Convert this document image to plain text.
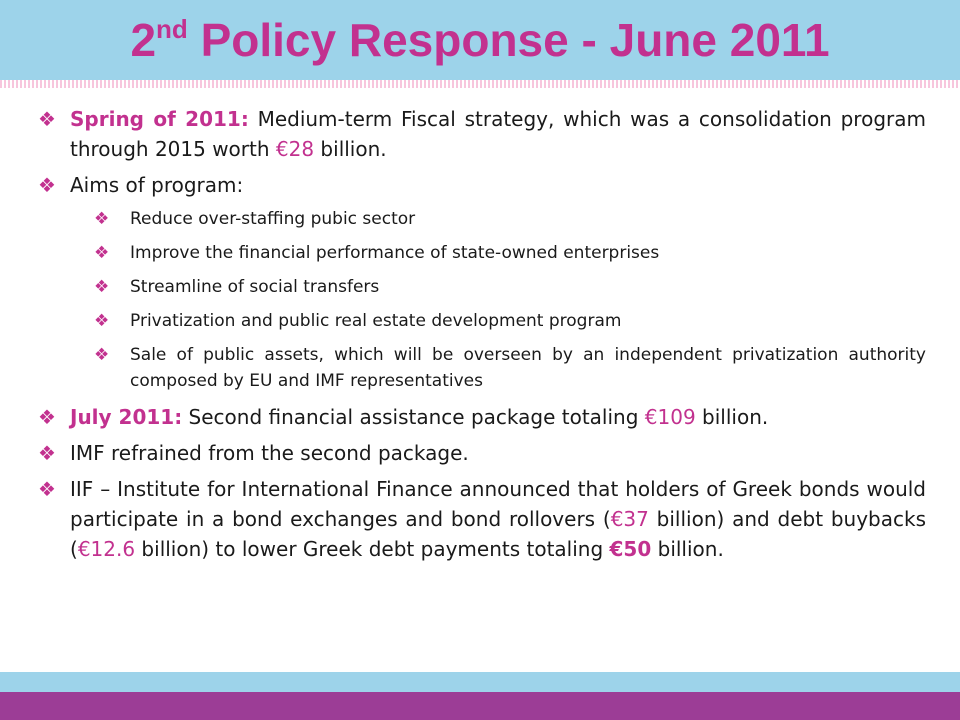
2nd Policy Response - June 2011
❖ Spring of 2011: Medium-term Fiscal strategy, which was a consolidation program through 2015 worth €28 billion.
❖ Aims of program:
❖	Reduce over-staffing pubic sector
❖	Improve the financial performance of state-owned enterprises
❖	Streamline of social transfers
❖	Privatization and public real estate development program
❖	Sale of public assets, which will be overseen by an independent privatization authority composed by EU and IMF representatives
❖ July 2011: Second financial assistance package totaling €109 billion.
❖ IMF refrained from the second package.
❖ IIF – Institute for International Finance announced that holders of Greek bonds would participate in a bond exchanges and bond rollovers (€37 billion) and debt buybacks (€12.6 billion) to lower Greek debt payments totaling €50 billion.
